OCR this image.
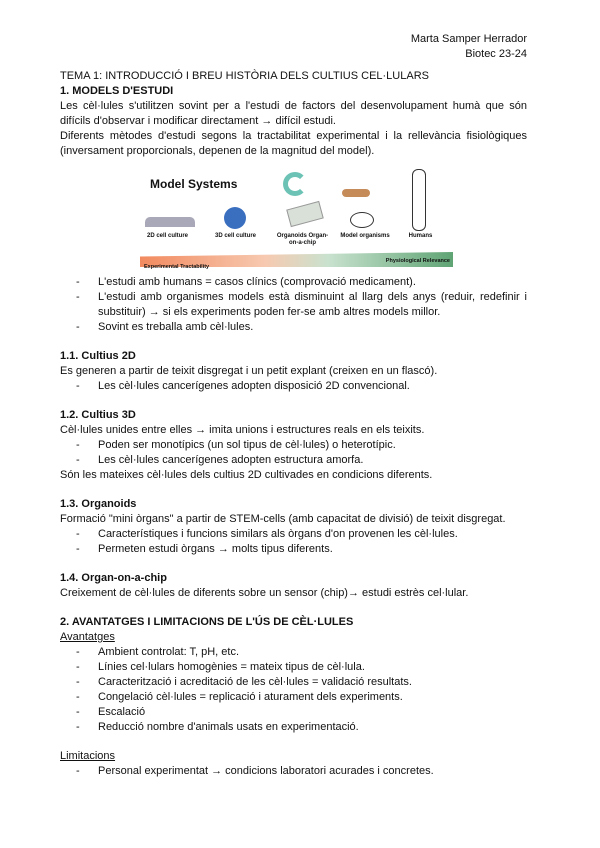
Marta Samper Herrador
Biotec 23-24
TEMA 1: INTRODUCCIÓ I BREU HISTÒRIA DELS CULTIUS CEL·LULARS
1. MODELS D'ESTUDI

Les cèl·lules s'utilitzen sovint per a l'estudi de factors del desenvolupament humà que són difícils d'observar i modificar directament → difícil estudi.

Diferents mètodes d'estudi segons la tractabilitat experimental i la rellevància fisiològiques (inversament proporcionals, depenen de la magnitud del model).

Model Systems
2D cell culture	3D cell culture	Organoids Organ-on-a-chip
Model organisms	Humans
Experimental Tractability
Physiological Relevance
- L'estudi amb humans = casos clínics (comprovació medicament).
- L'estudi amb organismes models està disminuint al llarg dels anys (reduir, redefinir i substituir) → si els experiments poden fer-se amb altres models millor.
- Sovint es treballa amb cèl·lules.
1.1. Cultius 2D

Es generen a partir de teixit disgregat i un petit explant (creixen en un flascó).

- Les cèl·lules cancerígenes adopten disposició 2D convencional.
1.2. Cultius 3D

Cèl·lules unides entre elles → imita unions i estructures reals en els teixits.

- Poden ser monotípics (un sol tipus de cèl·lules) o heterotípic.
- Les cèl·lules cancerígenes adopten estructura amorfa.

Són les mateixes cèl·lules dels cultius 2D cultivades en condicions diferents.

1.3. Organoids

Formació "mini òrgans" a partir de STEM-cells (amb capacitat de divisió) de teixit disgregat.

- Característiques i funcions similars als òrgans d'on provenen les cèl·lules.
- Permeten estudi òrgans → molts tipus diferents.
1.4. Organ-on-a-chip

Creixement de cèl·lules de diferents sobre un sensor (chip)→ estudi estrès cel·lular.

2. AVANTATGES I LIMITACIONS DE L'ÚS DE CÈL·LULES
Avantatges
- Ambient controlat: T, pH, etc.
- Línies cel·lulars homogènies = mateix tipus de cèl·lula.
- Caracterització i acreditació de les cèl·lules = validació resultats.
- Congelació cèl·lules = replicació i aturament dels experiments.
- Escalació
- Reducció nombre d'animals usats en experimentació.
Limitacions
- Personal experimentat → condicions laboratori acurades i concretes.
